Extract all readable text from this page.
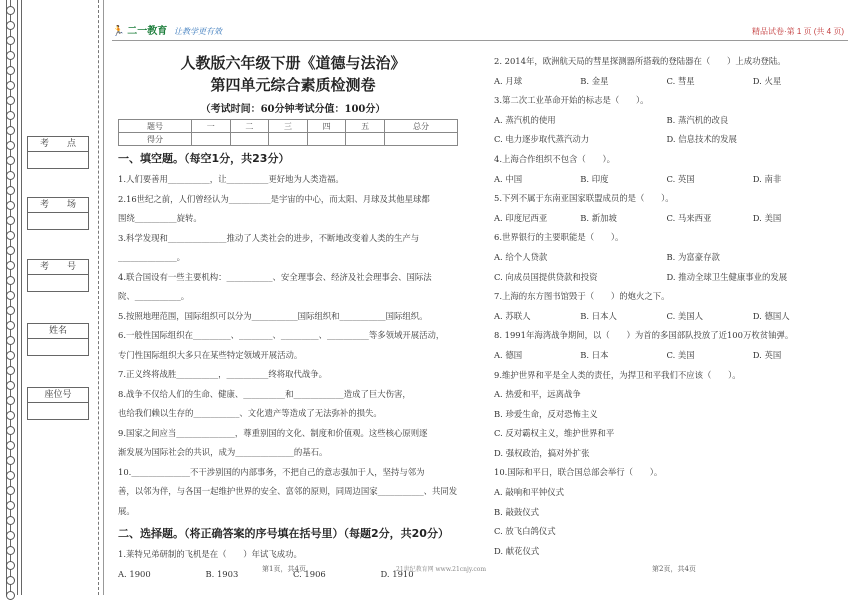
考　　点
考　　场
考　　号
姓名
座位号
🏃 二一教育 让教学更有效	精品试卷·第 1 页 (共 4 页)

人教版六年级下册《道德与法治》

第四单元综合素质检测卷

（考试时间：60分钟考试分值：100分）
题号	一	二	三	四	五	总分
得分						
一、填空题。（每空1分，共23分）

1.人们要善用__________，让__________更好地为人类造福。

2.16世纪之前，人们曾经认为__________是宇宙的中心，而太阳、月球及其他星球都

围绕__________旋转。

3.科学发现和______________推动了人类社会的进步，不断地改变着人类的生产与

______________。

4.联合国设有一些主要机构：___________、安全理事会、经济及社会理事会、国际法

院、___________。

5.按照地理范围，国际组织可以分为___________国际组织和___________国际组织。

6.一般性国际组织在_________、________、_________、__________等多领域开展活动，

专门性国际组织大多只在某些特定领域开展活动。

7.正义终将战胜__________，__________终将取代战争。

8.战争不仅给人们的生命、健康、__________和____________造成了巨大伤害，

也给我们赖以生存的___________、文化遗产等造成了无法弥补的损失。

9.国家之间应当______________，尊重别国的文化、制度和价值观。这些核心原则逐

渐发展为国际社会的共识，成为______________的基石。

10.______________不干涉别国的内部事务，不把自己的意志强加于人，坚持与邻为

善，以邻为伴，与各国一起维护世界的安全、富邻的原则，同周边国家___________、共同发展。

二、选择题。（将正确答案的序号填在括号里）（每题2分，共20分）

1.莱特兄弟研制的飞机是在（　　）年试飞成功。

A. 1900	B. 1903	C. 1906	D. 1910
第1页，共4页	21世纪教育网 www.21cnjy.com

2. 2014年，欧洲航天局的彗星探测器所搭载的登陆器在（　　）上成功登陆。

A. 月球	B. 金星	C. 彗星	D. 火星

3.第二次工业革命开始的标志是（　　）。

A. 蒸汽机的使用	B. 蒸汽机的改良
C. 电力逐步取代蒸汽动力	D. 信息技术的发展

4.上海合作组织不包含（　　）。

A. 中国	B. 印度	C. 英国	D. 南非

5.下列不属于东南亚国家联盟成员的是（　　）。

A. 印度尼西亚	B. 新加坡	C. 马来西亚	D. 美国

6.世界银行的主要职能是（　　）。

A. 给个人贷款	B. 为富豪存款
C. 向成员国提供贷款和投资	D. 推动全球卫生健康事业的发展

7.上海的东方图书馆毁于（　　）的炮火之下。

A. 苏联人	B. 日本人	C. 美国人	D. 德国人

8. 1991年海湾战争期间，以（　　）为首的多国部队投放了近100万枚贫铀弹。

A. 德国	B. 日本	C. 美国	D. 英国

9.维护世界和平是全人类的责任，为捍卫和平我们不应该（　　）。

A. 热爱和平，远离战争
B. 珍爱生命，反对恐怖主义
C. 反对霸权主义，维护世界和平
D. 强权政治，搞对外扩张

10.国际和平日，联合国总部会举行（　　）。

A. 敲响和平钟仪式
B. 敲鼓仪式
C. 放飞白鸽仪式
D. 献花仪式
第2页，共4页
